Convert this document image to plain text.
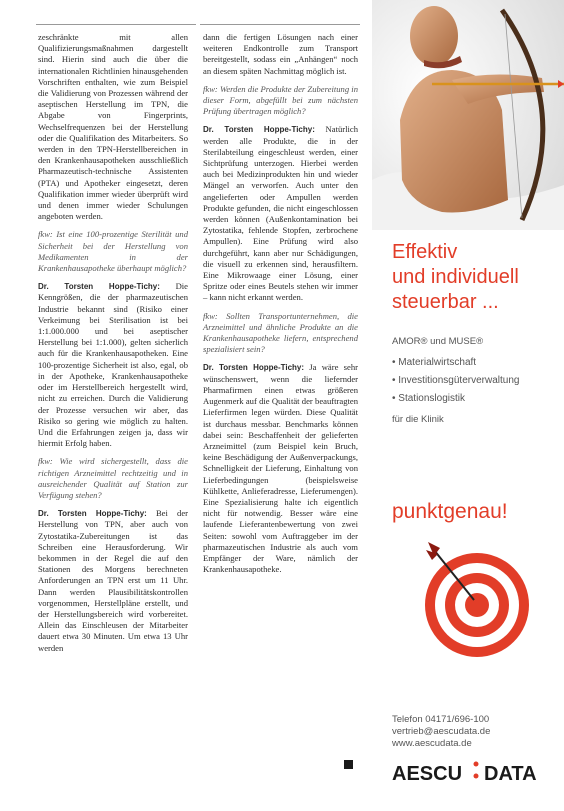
zeschränkte mit allen Qualifizierungsmaßnahmen dargestellt sind. Hierin sind auch die über die internationalen Richtlinien hinausgehenden Vorschriften enthalten, wie zum Beispiel die Validierung von Prozessen während der aseptischen Herstellung im TPN, die Abgabe von Fingerprints, Wechselfrequenzen bei der Herstellung oder die Qualifikation des Mitarbeiters. So werden in den TPN-Herstellbereichen in den Krankenhausapotheken ausschließlich Pharmazeutisch-technische Assistenten (PTA) und Apotheker eingesetzt, deren Qualifikation immer wieder überprüft wird und denen immer wieder Schulungen angeboten werden.

fkw: Ist eine 100-prozentige Sterilität und Sicherheit bei der Herstellung von Medikamenten in der Krankenhausapotheke überhaupt möglich?

Dr. Torsten Hoppe-Tichy: Die Kenngrößen, die der pharmazeutischen Industrie bekannt sind (Risiko einer Verkeimung bei Sterilisation ist bei 1:1.000.000 und bei aseptischer Herstellung bei 1:1.000), gelten sicherlich auch für die Krankenhausapotheken. Eine 100-prozentige Sicherheit ist also, egal, ob in der Apotheke, Krankenhausapotheke oder im Herstellbereich hergestellt wird, nicht zu erreichen. Durch die Validierung der Prozesse versuchen wir aber, das Risiko so gering wie möglich zu halten. Und die Erfahrungen zeigen ja, dass wir hiermit Erfolg haben.

fkw: Wie wird sichergestellt, dass die richtigen Arzneimittel rechtzeitig und in ausreichender Qualität auf Station zur Verfügung stehen?

Dr. Torsten Hoppe-Tichy: Bei der Herstellung von TPN, aber auch von Zytostatika-Zubereitungen ist das Schreiben eine Herausforderung. Wir bekommen in der Regel die auf den Stationen des Morgens berechneten Anforderungen an TPN erst um 11 Uhr. Dann werden Plausibilitätskontrollen vorgenommen, Herstellpläne erstellt, und der Herstellungsbereich wird vorbereitet. Allein das Einschleusen der Mitarbeiter dauert etwa 30 Minuten. Um etwa 13 Uhr werden

dann die fertigen Lösungen nach einer weiteren Endkontrolle zum Transport bereitgestellt, sodass ein „Anhängen“ noch an diesem späten Nachmittag möglich ist.

fkw: Werden die Produkte der Zubereitung in dieser Form, abgefüllt bei zum nächsten Prüfung übertragen möglich?

Dr. Torsten Hoppe-Tichy: Natürlich werden alle Produkte, die in der Sterilabteilung eingeschleust werden, einer Sichtprüfung unterzogen. Hierbei werden auch bei Medizinprodukten hin und wieder Mängel an verworfen. Auch unter den angelieferten oder Ampullen werden Produkte gefunden, die nicht eingeschlossen werden können (Außenkontamination bei Zytostatika, fehlende Stopfen, zerbrochene Ampullen). Eine Prüfung wird also durchgeführt, kann aber nur Schädigungen, die visuell zu erkennen sind, herausfiltern. Eine Mikrowaage einer Lösung, einer Spritze oder eines Beutels stehen wir immer – kann nicht erkannt werden.

fkw: Sollten Transportunternehmen, die Arzneimittel und ähnliche Produkte an die Krankenhausapotheke liefern, entsprechend spezialisiert sein?

Dr. Torsten Hoppe-Tichy: Ja wäre sehr wünschenswert, wenn die liefernder Pharmafirmen einen etwas größeren Augenmerk auf die Qualität der beauftragten Lieferfirmen legen würden. Diese Qualität ist durchaus messbar. Benchmarks können dabei sein: Beschaffenheit der gelieferten Arzneimittel (zum Beispiel kein Bruch, keine Beschädigung der Außenverpackungs, Schnelligkeit der Lieferung, Einhaltung von Lieferbedingungen (beispielsweise Kühlkette, Anlieferadresse, Lieferumengen). Eine Spezialisierung halte ich eigentlich nicht für notwendig. Besser wäre eine laufende Lieferantenbewertung von zwei Seiten: sowohl vom Auftraggeber im der pharmazeutischen Industrie als auch vom Empfänger der Ware, nämlich der Krankenhausapotheke.

Effektiv
und individuell
steuerbar ...
AMOR® und MUSE®
• Materialwirtschaft
• Investitionsgüterverwaltung
• Stationslogistik
für die Klinik
punktgenau!
Telefon 04171/696-100
vertrieb@aescudata.de
www.aescudata.de
AESCU DATA
